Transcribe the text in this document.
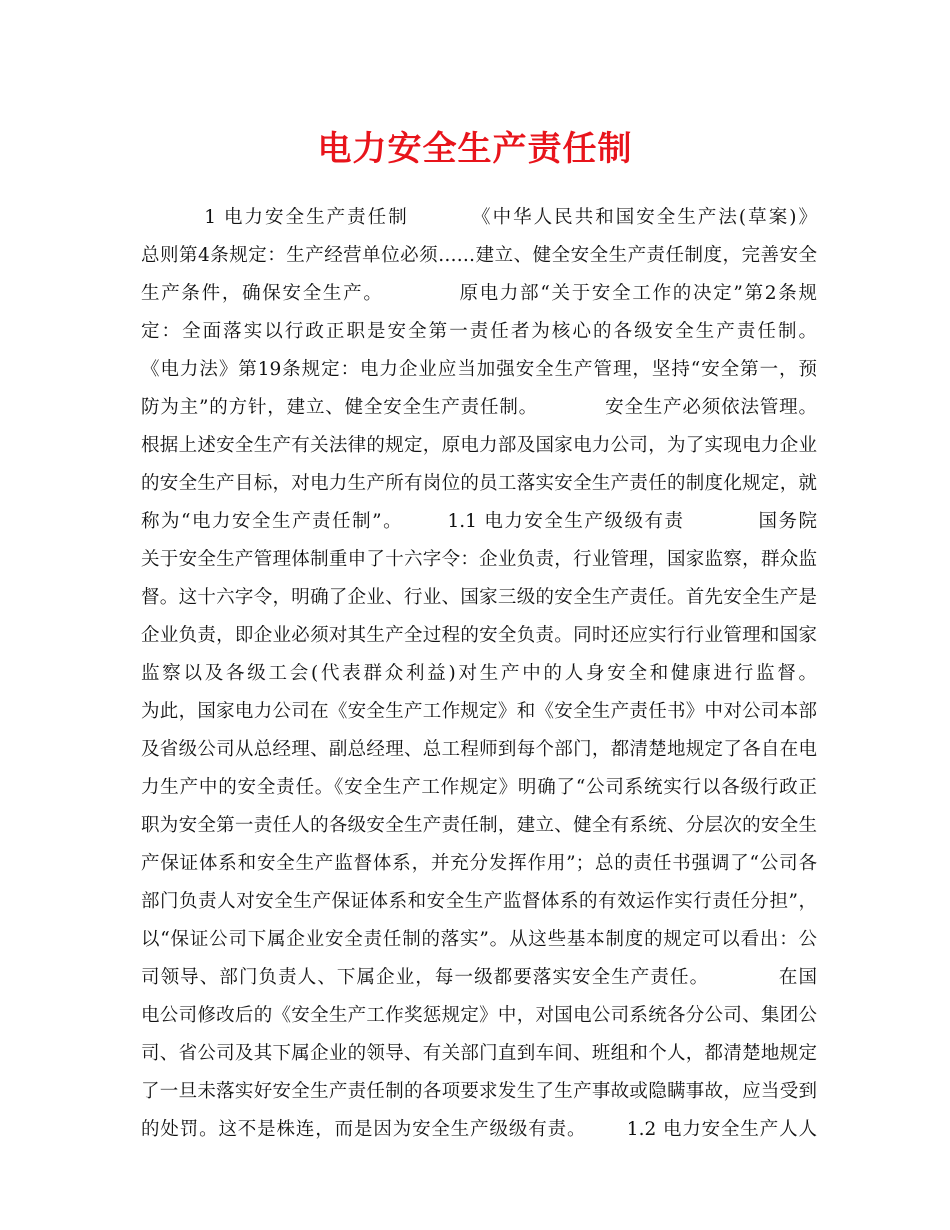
电力安全生产责任制
1 电力安全生产责任制        《中华人民共和国安全生产法(草案)》
总则第4条规定：生产经营单位必须……建立、健全安全生产责任制度，完善安全
生产条件，确保安全生产。          原电力部“关于安全工作的决定”第2条规
定：全面落实以行政正职是安全第一责任者为核心的各级安全生产责任制。
《电力法》第19条规定：电力企业应当加强安全生产管理，坚持“安全第一，预
防为主”的方针，建立、健全安全生产责任制。          安全生产必须依法管理。
根据上述安全生产有关法律的规定，原电力部及国家电力公司，为了实现电力企业
的安全生产目标，对电力生产所有岗位的员工落实安全生产责任的制度化规定，就
称为“电力安全生产责任制”。      1.1 电力安全生产级级有责          国务院
关于安全生产管理体制重申了十六字令：企业负责，行业管理，国家监察，群众监
督。这十六字令，明确了企业、行业、国家三级的安全生产责任。首先安全生产是
企业负责，即企业必须对其生产全过程的安全负责。同时还应实行行业管理和国家
监察以及各级工会(代表群众利益)对生产中的人身安全和健康进行监督。
为此，国家电力公司在《安全生产工作规定》和《安全生产责任书》中对公司本部
及省级公司从总经理、副总经理、总工程师到每个部门，都清楚地规定了各自在电
力生产中的安全责任。《安全生产工作规定》明确了“公司系统实行以各级行政正
职为安全第一责任人的各级安全生产责任制，建立、健全有系统、分层次的安全生
产保证体系和安全生产监督体系，并充分发挥作用”；总的责任书强调了“公司各
部门负责人对安全生产保证体系和安全生产监督体系的有效运作实行责任分担”，
以“保证公司下属企业安全责任制的落实”。从这些基本制度的规定可以看出：公
司领导、部门负责人、下属企业，每一级都要落实安全生产责任。          在国
电公司修改后的《安全生产工作奖惩规定》中，对国电公司系统各分公司、集团公
司、省公司及其下属企业的领导、有关部门直到车间、班组和个人，都清楚地规定
了一旦未落实好安全生产责任制的各项要求发生了生产事故或隐瞒事故，应当受到
的处罚。这不是株连，而是因为安全生产级级有责。      1.2 电力安全生产人人
